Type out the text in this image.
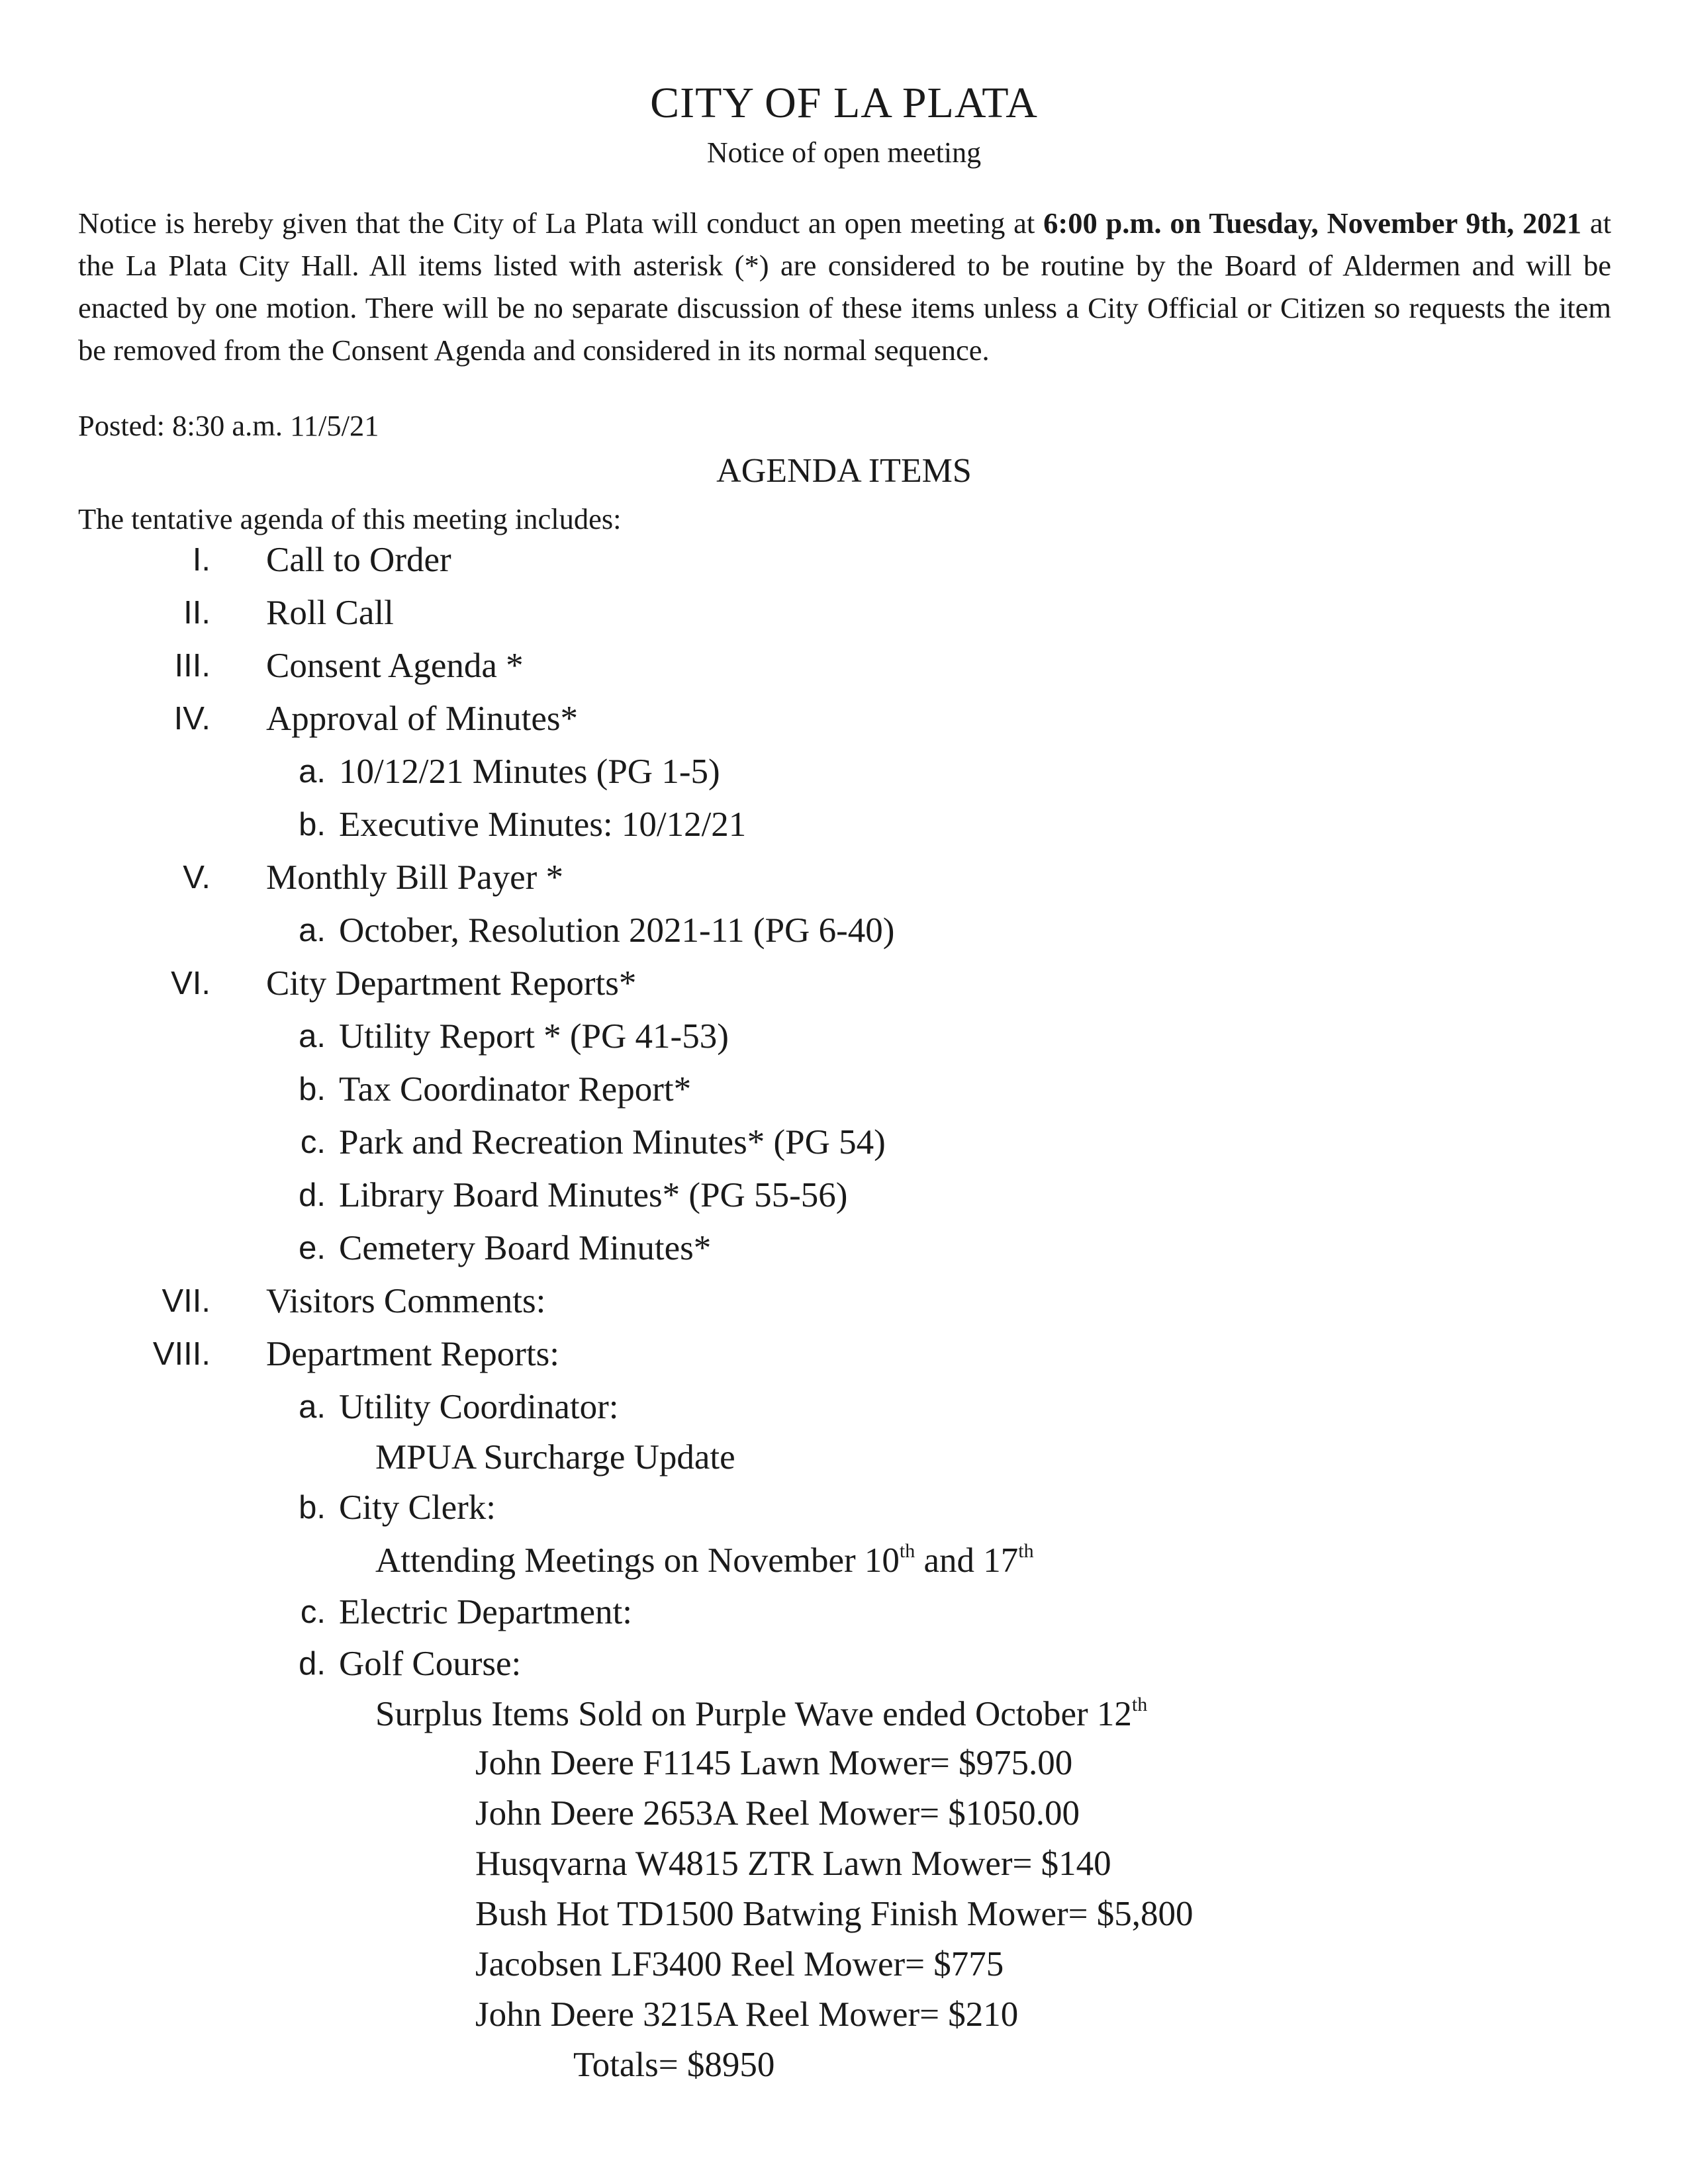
CITY OF LA PLATA
Notice of open meeting
Notice is hereby given that the City of La Plata will conduct an open meeting at 6:00 p.m. on Tuesday, November 9th, 2021 at the La Plata City Hall. All items listed with asterisk (*) are considered to be routine by the Board of Aldermen and will be enacted by one motion. There will be no separate discussion of these items unless a City Official or Citizen so requests the item be removed from the Consent Agenda and considered in its normal sequence.
Posted: 8:30 a.m. 11/5/21
AGENDA ITEMS
The tentative agenda of this meeting includes:
I. Call to Order
II. Roll Call
III. Consent Agenda *
IV. Approval of Minutes*
a. 10/12/21 Minutes (PG 1-5)
b. Executive Minutes: 10/12/21
V. Monthly Bill Payer *
a. October, Resolution 2021-11 (PG 6-40)
VI. City Department Reports*
a. Utility Report * (PG 41-53)
b. Tax Coordinator Report*
c. Park and Recreation Minutes* (PG 54)
d. Library Board Minutes* (PG 55-56)
e. Cemetery Board Minutes*
VII. Visitors Comments:
VIII. Department Reports:
a. Utility Coordinator:
MPUA Surcharge Update
b. City Clerk:
Attending Meetings on November 10th and 17th
c. Electric Department:
d. Golf Course:
Surplus Items Sold on Purple Wave ended October 12th
John Deere F1145 Lawn Mower= $975.00
John Deere 2653A Reel Mower= $1050.00
Husqvarna W4815 ZTR Lawn Mower= $140
Bush Hot TD1500 Batwing Finish Mower= $5,800
Jacobsen LF3400 Reel Mower= $775
John Deere 3215A Reel Mower= $210
Totals= $8950
